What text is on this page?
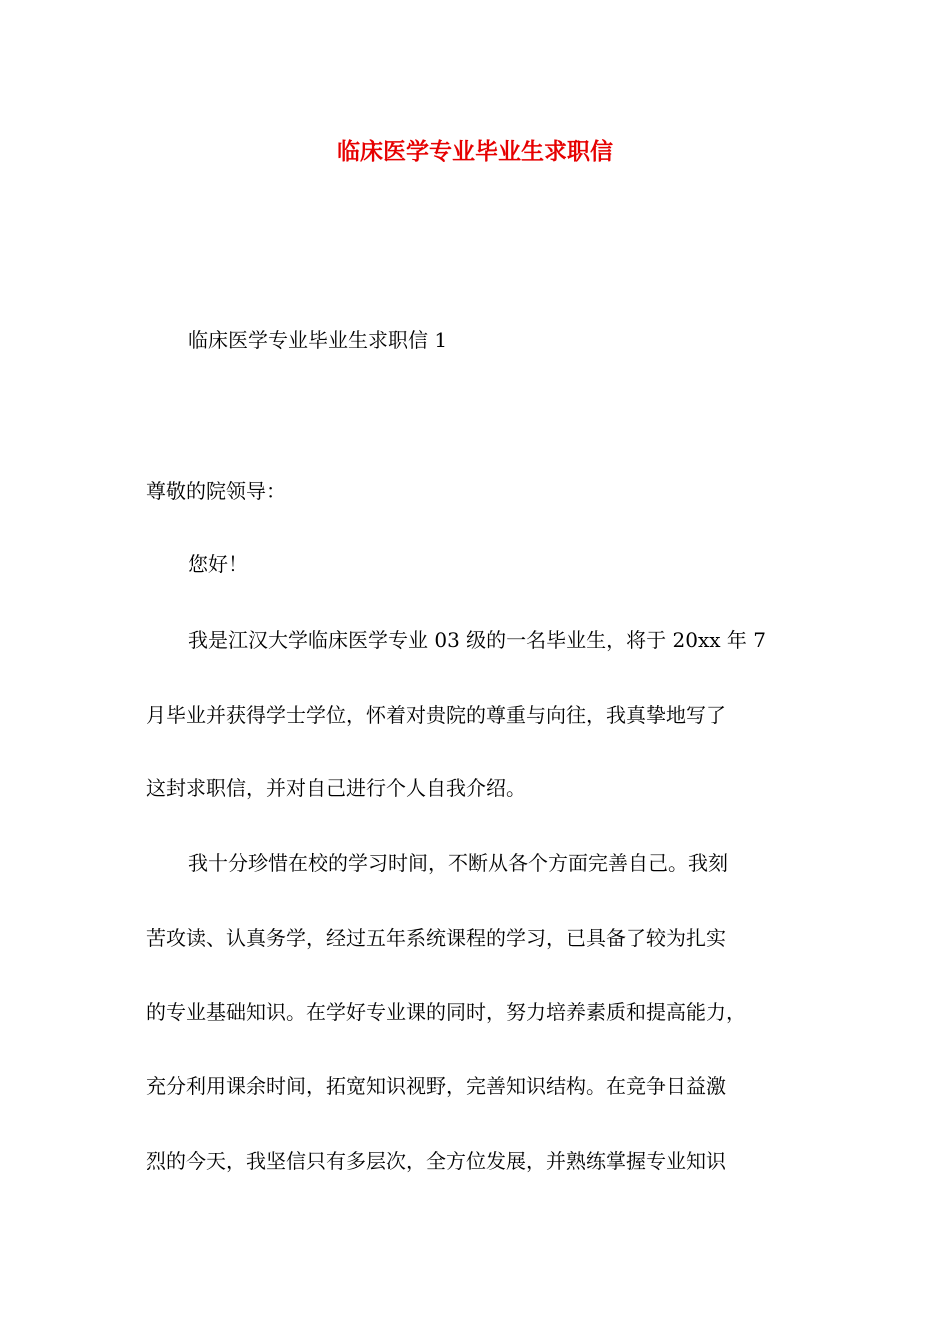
临床医学专业毕业生求职信

临床医学专业毕业生求职信 1

尊敬的院领导：

您好！

我是江汉大学临床医学专业 03 级的一名毕业生，将于 20xx 年 7

月毕业并获得学士学位，怀着对贵院的尊重与向往，我真挚地写了

这封求职信，并对自己进行个人自我介绍。

我十分珍惜在校的学习时间，不断从各个方面完善自己。我刻

苦攻读、认真务学，经过五年系统课程的学习，已具备了较为扎实

的专业基础知识。在学好专业课的同时，努力培养素质和提高能力，

充分利用课余时间，拓宽知识视野，完善知识结构。在竞争日益激

烈的今天，我坚信只有多层次，全方位发展，并熟练掌握专业知识
